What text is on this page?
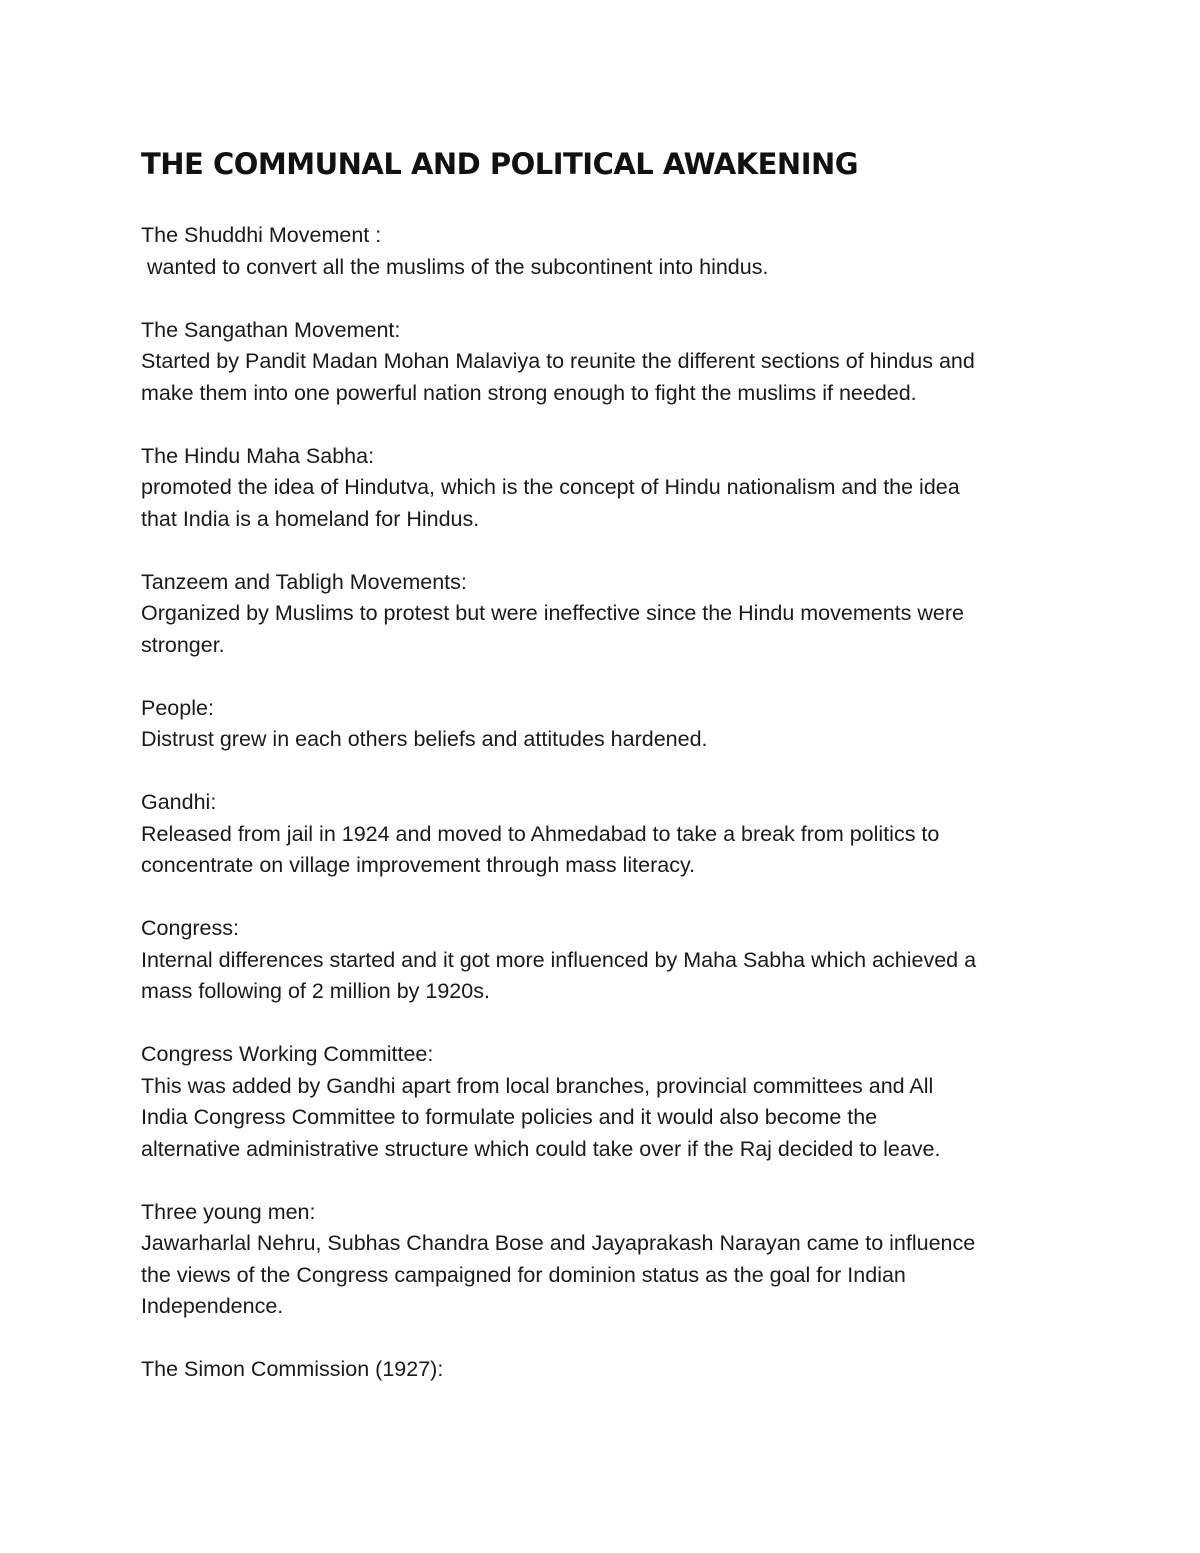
THE COMMUNAL AND POLITICAL AWAKENING
The Shuddhi Movement :
wanted to convert all the muslims of the subcontinent into hindus.
The Sangathan Movement:
Started by Pandit Madan Mohan Malaviya to reunite the different sections of hindus and
make them into one powerful nation strong enough to fight the muslims if needed.
The Hindu Maha Sabha:
promoted the idea of Hindutva, which is the concept of Hindu nationalism and the idea
that India is a homeland for Hindus.
Tanzeem and Tabligh Movements:
Organized by Muslims to protest but were ineffective since the Hindu movements were
stronger.
People:
Distrust grew in each others beliefs and attitudes hardened.
Gandhi:
Released from jail in 1924 and moved to Ahmedabad to take a break from politics to
concentrate on village improvement through mass literacy.
Congress:
Internal differences started and it got more influenced by Maha Sabha which achieved a
mass following of 2 million by 1920s.
Congress Working Committee:
This was added by Gandhi apart from local branches, provincial committees and All
India Congress Committee to formulate policies and it would also become the
alternative administrative structure which could take over if the Raj decided to leave.
Three young men:
Jawarharlal Nehru, Subhas Chandra Bose and Jayaprakash Narayan came to influence
the views of the Congress campaigned for dominion status as the goal for Indian
Independence.
The Simon Commission (1927):
